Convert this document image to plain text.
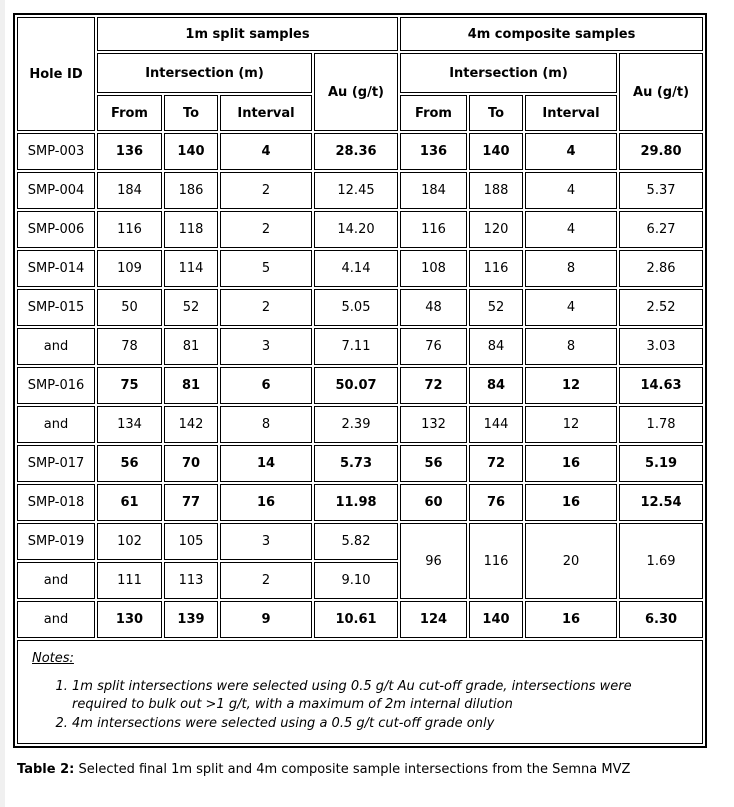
Hole ID	1m split samples				4m composite samples			
	Intersection (m)			Au (g/t)	Intersection (m)			Au (g/t)
	From	To	Interval		From	To	Interval	
SMP-003	136	140	4	28.36	136	140	4	29.80
SMP-004	184	186	2	12.45	184	188	4	5.37
SMP-006	116	118	2	14.20	116	120	4	6.27
SMP-014	109	114	5	4.14	108	116	8	2.86
SMP-015	50	52	2	5.05	48	52	4	2.52
and	78	81	3	7.11	76	84	8	3.03
SMP-016	75	81	6	50.07	72	84	12	14.63
and	134	142	8	2.39	132	144	12	1.78
SMP-017	56	70	14	5.73	56	72	16	5.19
SMP-018	61	77	16	11.98	60	76	16	12.54
SMP-019	102	105	3	5.82	96	116	20	1.69
and	111	113	2	9.10				
and	130	139	9	10.61	124	140	16	6.30
Notes:
1. 1m split intersections were selected using 0.5 g/t Au cut-off grade, intersections were required to bulk out >1 g/t, with a maximum of 2m internal dilution
2. 4m intersections were selected using a 0.5 g/t cut-off grade only
Table 2: Selected final 1m split and 4m composite sample intersections from the Semna MVZ
